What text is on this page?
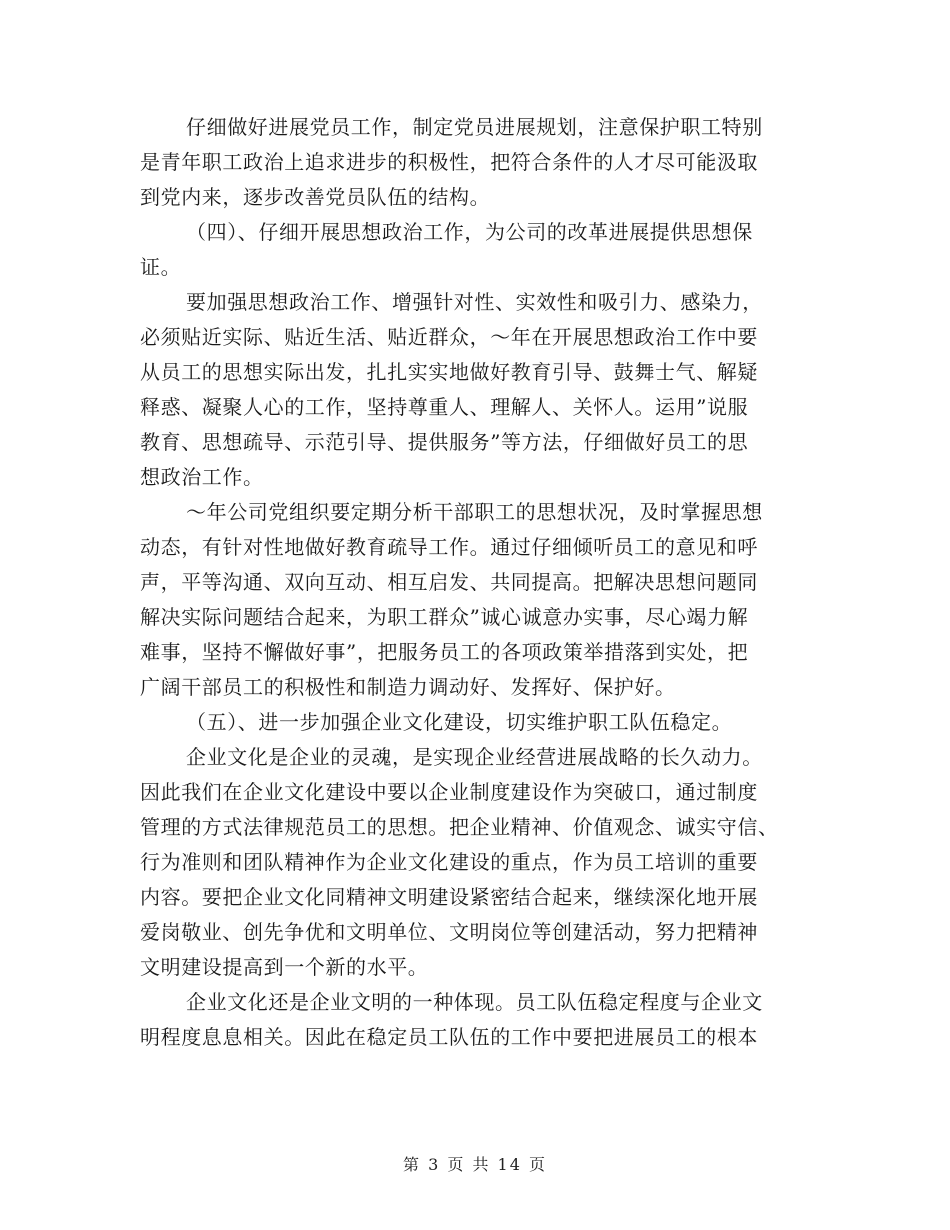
仔细做好进展党员工作，制定党员进展规划，注意保护职工特别
是青年职工政治上追求进步的积极性，把符合条件的人才尽可能汲取
到党内来，逐步改善党员队伍的结构。
（四）、仔细开展思想政治工作，为公司的改革进展提供思想保
证。
要加强思想政治工作、增强针对性、实效性和吸引力、感染力，
必须贴近实际、贴近生活、贴近群众，～年在开展思想政治工作中要
从员工的思想实际出发，扎扎实实地做好教育引导、鼓舞士气、解疑
释惑、凝聚人心的工作，坚持尊重人、理解人、关怀人。运用”说服
教育、思想疏导、示范引导、提供服务”等方法，仔细做好员工的思
想政治工作。
～年公司党组织要定期分析干部职工的思想状况，及时掌握思想
动态，有针对性地做好教育疏导工作。通过仔细倾听员工的意见和呼
声，平等沟通、双向互动、相互启发、共同提高。把解决思想问题同
解决实际问题结合起来，为职工群众”诚心诚意办实事，尽心竭力解
难事，坚持不懈做好事”，把服务员工的各项政策举措落到实处，把
广阔干部员工的积极性和制造力调动好、发挥好、保护好。
（五）、进一步加强企业文化建设，切实维护职工队伍稳定。
企业文化是企业的灵魂，是实现企业经营进展战略的长久动力。
因此我们在企业文化建设中要以企业制度建设作为突破口，通过制度
管理的方式法律规范员工的思想。把企业精神、价值观念、诚实守信、
行为准则和团队精神作为企业文化建设的重点，作为员工培训的重要
内容。要把企业文化同精神文明建设紧密结合起来，继续深化地开展
爱岗敬业、创先争优和文明单位、文明岗位等创建活动，努力把精神
文明建设提高到一个新的水平。
企业文化还是企业文明的一种体现。员工队伍稳定程度与企业文
明程度息息相关。因此在稳定员工队伍的工作中要把进展员工的根本
第 3 页 共 14 页
